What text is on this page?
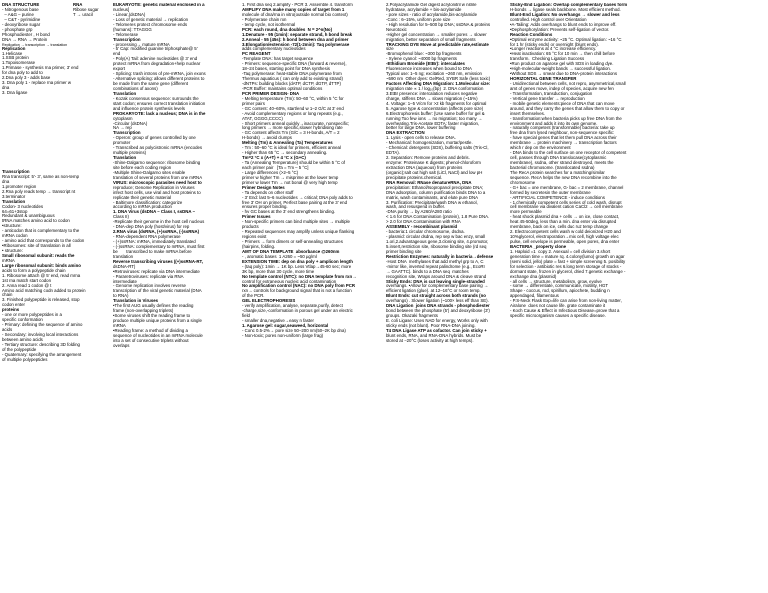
DNA STRUCTURE
- Nitrogenous base
– A&G – purine
– C&T - pyrimidine
- deoxyribose sugar
- phosphate grp
Phosphodiester , H bond
DNA → RNA → Protein
Replication → transcription → translation
RNA
Ribose sugar
T → uracil
Replication
1.Helicase
1.SSB protein
1.Topoisomerase
1.Primase - synthesis rna primer, 3' end
for dna poly to add to
2.Dna poly 3 - adds base
3. Dna poly 1 - replace rna primer w
dna
3. Dna ligase

Transcription
Rna transcript: 5'- 3', same as non-temp
dna
1.promoter region
2.Rna poly reads temp → transcript nt
3.terminator
Translation
Codon- 3 nucleotides
64=61+3stop
Redundant & unambiguous
tRNA matches amino acid to codon
•structure:
- anticodon that is complementary to the
mRNA codon
- amino acid that corresponds to the codon
•Ribosomes: site of translation in all
• structure:
Small ribosomal subunit: reads the
mRNA
Large ribosomal subunit: binds amino
acids to form a polypeptide chain
1. Ribosome attach @ 5' end, read mrna
1st rna match start codon
2. Anna read 1 codon @ t
Amino acid matching codn added to protein
chain
3. Finished polypeptide is released, stop
codon enter
proteins
- one or more polypeptides in a
specific conformation
- Primary: defining the sequence of amino
acids
- Secondary: involving local interactions
between amino acids
- Tertiary structure: describing 3D folding
of the polypeptide
- Quaternary: specifying the arrangement
of multiple polypeptides
EUKARYOTE: genetic material enclosed in a
nucleus]
- Linear,(dsDNA)
- Loss of genetic material → replication
- Telomeres protect chromosome ends
(humans): TTAGGG
- Telomerase
Transcription
- processing→ mature mRNA
- 5' Cap: modified guanine triphosphate@ 5'
end
- Poly(A) Tail: adenine nucleotides @ 3' end
protect mRNA from degradation+help nuclear
export
- Splicing: trash introns of pre-mRNA, join exons
- Alternative splicing: allows different proteins to
be made from the same gene (different
combinations of axons)
Translation
- Kozak consensus sequence: surrounds the
start codon; ensures correct translation initiation
and influence protein synthesis levels
PROKARYOTE: lack a nucleus; DNA is in the
cytoplasm
-Circular (dsDNA)
NA → rep
Transcription
- Operon: group of genes controlled by one
promoter
- Transcribed as polycistronic mRNA (encodes
multiple proteins)
Translation
-Shine-Dalgarno sequence: ribosome binding
site before each coding region
-Multiple Shine-Dalgarno sites enable
translation of several proteins from one mRNA
VIRUS: microscopic parasites need host to
reproduce; Genome Replication in Viruses
infect host cells, use viral and host proteins to
replicate their genetic material
- Baltimore classification: categorize
according to mRNA production
1. DNA Virus (dsDNA – Class I, ssDNA –
Class II)
-Replicate their genome in the host cell nucleus
- DNA-dep DNA poly (host/virus) for rep
2.RNA virus (dsRNA, (+)ssRNA, (-)ssRNA)
- RNA-dependent RNA polymerase
- (+)ssRNA: mRNA, immediately translated
- (-)ssRNA: complementary to mRNA, must first
be       transcribed to make mRNA before
translation
Reverse transcribing viruses ((+)ssRNA-RT,
dsDNA-RT)
•Retroviruses: replicate via DNA intermediate
- Pararetroviruses: replicate via RNA
intermediate
- Genome replication involves reverse
transcription of the viral genetic material (DNA
to RNA)
Translation in Viruses
•The first AUG usually defines the reading
frame (non-overlapping triplets)
•Some viruses shift the reading frame to
produce multiple unique proteins from a single
mRNA
•Reading frame: a method of dividing a
sequence of nucleotides in an mRNA molecule
into a set of consecutive triplets without
overlaps
1. First dna seq 2.amplify - PCR 3. Assemble 4. transform
AMPLIFY DNA make many copies of target from 1
molecule of dna/rna in vitro(outside normal bio context)
- Polymerase chain rxn
- temp cycle, not isothermal
PCR: each round, dna doubles  N = 2^n(No)
1.Denature - 95 (1min): separate strand, h bond break
2.Anneal - 55 (45s): h bond between dna and primer
3.Elongation/extension -72(1-2min): Taq polymerase
adds complementary nucleotides
PC REAGENT
-Template DNA: has target sequence
- Primers: sequence-specific DNA (forward & reverse),
18–24 bases, starting point for DNA synthesis
-Taq polymerase: heat-stable DNA polymerase from
Thermus aquaticus ( can only add to existing strand)
-dNTPs: building blocks (dATP, dCTP, dGTP, dTTP)
-PCR Buffer: maintains optimal conditions
PCR PRIMER DESIGN- DNA
- Melting temperature (Tm): 50–60 °C, within 5 °C for
primer pairs
- GC content: 40–60%, start/end w 1–2 G/C at 3' end
- Avoid complementary regions or long repeats (e.g.,
ATAT, GGGG,CCCC)
- Short primers anneal quickly→inaccurate, nonspecific;
long primers → more specific,slower hybridising rate
- GC content affects Tm (G/C = 3 H-bonds, A/T = 2
H-bonds) → avoid clumps
Melting (Tm) & Annealing (Ta) Temperatures
- Tm : 50–60 °C is ideal for primers, efficient anneal
- Higher than 65 °C → secondary annealing.
Tm=2 °C x (A+T) + 4 °C x (G+C)
- Ta (Annealing Temperature) should be within 5 °C of
each primer pair   [Ta = Tm – 5 °C]
- Large differences (>2–5 °C)
primer w higher Tm → misprime at the lower temp
primer w lower Tm → not bonal @ very high temp
Primer Design Notes
- Ta depends on other stuff
- 3' End: last 5–6 nucleotides → critical; DNA poly adds to
free 3' OH on primer, Perfect base pairing at the 3' end
ensures proper binding.
- hv GC bases at the 3' end strengthens binding.
Primer Issues
- Non-specific primers can bind multiple sites → multiple
products
- Repeated sequences may amplify unless unique flanking
regions exist
- Primers → form dimers or self-annealing structures
(hairpins, folding.
AMT OF DNA TEMPLATE  absorbance @260nm
- , aromatic bases  1 A260 = ~50 µg/ml
EXTENSION TIME: dep on dna poly + amplicon length
- (taq poly): 1min → 1K bp. Less Vtlap→45-60 sec; more
3K bp, more than 30 cycle, more time
No template control (NTC): no DNA template from rxn→
control for extraneous nucleic acid contamination
No amplification control (NAC): no DNA poly from PCR
rxn→ controls for background signal that is not a function
of the PCR.
GEL ELECTROPHORESIS
- verify amplification, analyse, separate,purify, detect
-charge,size,-conformation in porous gel under an electric
field
- smaller dna,negative→easy n faster
1. Agarose gel: sugar,seaweed, horizontal
- Conc 0.5-2%→ pore size 50–200 nm(50–2K bp dna)
- Non-toxic; pores non-uniform (large frag)
2.Polyacrylamide Gel digest acrylonitril w nitrile
hydratase, acrylamide + bis-acrylamide
- pore sizes - ratio of acrylamide,bis-acrylamide
-Conc : 6–15%, uniform pore size
- High resolution for 5–500 bp DNA; ssDNA & proteins
Neurotoxic
-Higher gel concentration → smaller pores → slower
migration, better separation of small fragments
TRACKING DYE Move at predictable rate,estimate
size
-Bromophenol blue: ~300 bp fragments
- Xylene cyanol: ~4000 bp fragments
-Ethidium Bromide (EtBr): intercalates
Fluorescence increases when bound to DNA
Typical use: 1–5 ng; excitation ~260 nm, emission
~590 nm  Other dyes: GelRed, SYBR Safe (less toxic)
Factors Affecting DNA Migration: 1.Molecular size:
migration rate ∝ 1 / log₁₀(bp)  2. DNA conformation
3.EtBr presence: intercalation reduces negative
charge, stiffens DNA → slows migration (~15%)
4. Voltage: 1–5 V/cm for >2 kb fragments for optimal
5. Agarose type & concentration (affects pore size)
6.Electrophoresis buffer: [Use same buffer for gel &
running Too few ions → no migration; too many →
overheating.Tris-Acetate EDTA: faster migration,
better for large DNA. lower buffering
DNA EXTRACTION
1. Lysis - open cells to release DNA.
- Mechanical: homogenization, mortar/pestle.
- Chemical: detergents (SDS), buffering salts (Tris-Cl,
EDTA).
2. Separation: Remove proteins and debris.
enzyme: Proteinase K digests; phenol-chloroform
extraction DNA (aqueous) from proteins
(organic);salt out high salt (LiCl, NaCl) and low pH
precipitate proteins.chemical.
RNA Removal: RNase denatureRNA, DNA
precipitation: Ethanol/Isopropanol precipitate DNA;
DNA adsorption, column purification binds DNA to a
matrix, wash contaminants, and elute pure DNA
3. Purification: Precipitate/wash DNA w ethanol,
wash, and resuspend in buffer.
-DNA purity → by A260/A280 ratio
< 1.6 for DNA Contamination (protein), 1.8 Pure DNA.
> 2.0 for DNA Contamination with RNA
ASSEMBLY - recombinant plasmid
- bacteria:1 circular chromosome, dsdna.
- plasmid: circular dsdna, rep sep w bac enzy, small
1.ori,2.advantageous gene,3.cloning site, 4.promotor,
5.insert,restriction site, ribosome binding site (rd seq
primer binding site
Restriction Enzymes: naturally in bacteria→defense
-Host DNA  methylases that add methyl grp to A, C
-mirror like, inverted repeat palindrome (e.g., EcoRI
→ GAATTC). binds to a DNA seq  matches
recognition site, Wraps around DNA & cleave strand
Sticky Ends: DNA is cut leaving single-stranded
overhangs. •Allow for complementary base pairing →
efficient ligation (glue). at 12–16°C or room temp.
Blunt Ends: cut straight across both strands (no
overhangs) . Slower ligation (~100× less eff than SE).
DNA Ligation  joins DNA strands - phosphodiester
bond between the phosphate (5') and deoxyribose (3')
groups. Okazaki fragments
E. coli Ligase: Uses NAD for energy, Works only with
sticky ends (not blunt). Poor RNA-DNA joining.
T4 DNA Ligase ATP as cofactor. Can join sticky +
blunt ends, RNA, and RNA-DNA hybrids. Must be
stored at −20°C (loses activity at high temps).
Sticky-End Ligation: Overlap complementary bases form
H-bonds → ligase seals backbone. Most efficient method.
Blunt-End Ligation: No overhangs → slower and less
controlled. High control over Orientation
•A-Tailing: Adds overhangs to blunt ends to improve eff.
•Dephosphorylation: Prevents self-ligation of vector.
Reaction Conditions
•Optimal enzyme activity: ~25 °C. Optimal ligation: ~16 °C
for 1 hr (sticky ends) or overnight (blunt ends).
•Longer reactions at 4 °C increase efficiency.
•Heat inactivation: 65 °C for 10 min → then chill before
transform.  Checking Ligation Success
•Run product on agarose gel with SDS in loading dye.
•High-molecular-weight bands → successful ligation.
•Without SDS → smear due to DNA-protein interactions
HORIZONTAL GENE TRANSFER
- Unidirectional between cells, not repro, asymmetrical,small
amt of genes move, indep of species, acquire new fen
- Transformation, transduction, conjugation
- Vertical gene transfer → reproduction
- mobile genetic elements:piece of DNA that can move
around, and they carry the genes that allow them to copy or
insert themselves.
- transformation:when bacteria picks up free DNA from the
environment and adds it into its own genome.
- naturally competent (transformable) bacteria: take up
free dna from lysed neighbour, non-sequence specific:
- have special genes that let them pull DNA across their
membrane → protein machinery → transcription factors
which r dep on the environment
- DNA binds to the cell surface on one receptor of competent
cell, passes through DNA translocase(cytoplasmic
membrane), ssdna, other strand destroyed, meets the
bacterial chromosome. (translocated ssdna)
The RecA protein searches for a matching/similar
sequence. RecA helps the new DNA recombine into the
chromosome
- G+ bac = one membrane, G- bac = 2 membrane, channel
formed by secretesin the outer membrane
- ARTIFICIAL COMPETENCE - induce conditions
- 1.chemically competent cells series of cold wash, disrupt
cell membrane via divalent cation CaCl2 → cell membrane
more permeable
- heat shock plasmid dna + cells → on ice, close contact,
heat 45-50deg, less than a min. dna enter via disrupted
membrane, back on ice, cells duc ruz temp change
2. Electrocompetent cells wash w cold deionized H20 and
10%glycerol, electroporation→mix cell, high voltage elec
pulse, cell envelope is permeable, open pores, dna enter
BACTERIA _property clone
1. Haploid =1  copy 2. Asexual = cell division 3.short
generation time = mature rq. 4.colony(lumo) growth on agar
(semi solid, jello) plate = fast + simple screening 5. posibility
for selection - antibiotic res 6.long term storage of stocks -
dormant state, frozen in glycerol, dried 7.genetic exchange -
exchange dna (plasmid)
- all cells → structure, metabolism, grow, evolve
- some → differentiate, communicate, motility, HGT
Shape - coccus, rod, spirillum, apiochete, budding n
appendaged, filamentous
- P.S-Neck Flask Exp=life can arise from non-living matter,
Airalone  does not cause life. grate contaminate it
- Koch Cause & Effect in Infectious Disease=prove that a
specific microorganism causes a specific disease.
